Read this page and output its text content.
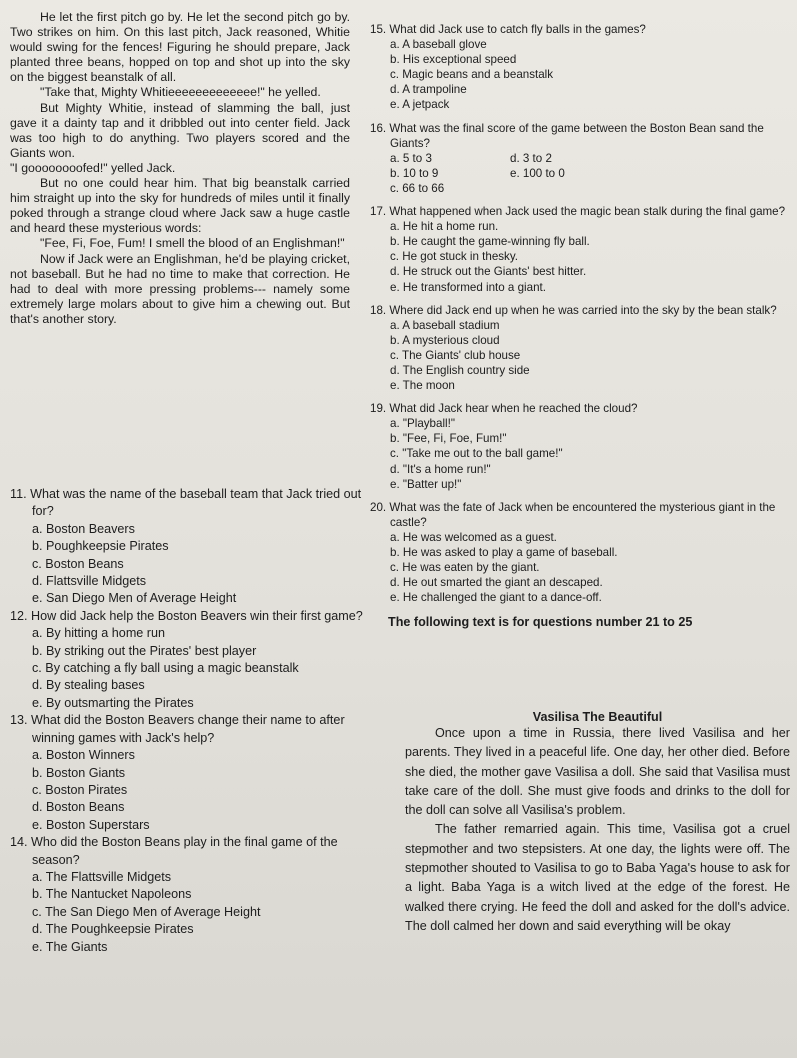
He let the first pitch go by. He let the second pitch go by. Two strikes on him. On this last pitch, Jack reasoned, Whitie would swing for the fences! Figuring he should prepare, Jack planted three beans, hopped on top and shot up into the sky on the biggest beanstalk of all.

"Take that, Mighty Whitieeeeeeeeeeeee!" he yelled.

But Mighty Whitie, instead of slamming the ball, just gave it a dainty tap and it dribbled out into center field. Jack was too high to do anything. Two players scored and the Giants won.

"I goooooooofed!" yelled Jack.

But no one could hear him. That big beanstalk carried him straight up into the sky for hundreds of miles until it finally poked through a strange cloud where Jack saw a huge castle and heard these mysterious words:

"Fee, Fi, Foe, Fum! I smell the blood of an Englishman!"

Now if Jack were an Englishman, he'd be playing cricket, not baseball. But he had no time to make that correction. He had to deal with more pressing problems--- namely some extremely large molars about to give him a chewing out. But that's another story.

11. What was the name of the baseball team that Jack tried out for?
a. Boston Beavers
b. Poughkeepsie Pirates
c. Boston Beans
d. Flattsville Midgets
e. San Diego Men of Average Height
12. How did Jack help the Boston Beavers win their first game?
a. By hitting a home run
b. By striking out the Pirates' best player
c. By catching a fly ball using a magic beanstalk
d. By stealing bases
e. By outsmarting the Pirates
13. What did the Boston Beavers change their name to after winning games with Jack's help?
a. Boston Winners
b. Boston Giants
c. Boston Pirates
d. Boston Beans
e. Boston Superstars
14. Who did the Boston Beans play in the final game of the season?
a. The Flattsville Midgets
b. The Nantucket Napoleons
c. The San Diego Men of Average Height
d. The Poughkeepsie Pirates
e. The Giants
15. What did Jack use to catch fly balls in the games?
a. A baseball glove
b. His exceptional speed
c. Magic beans and a beanstalk
d. A trampoline
e. A jetpack
16. What was the final score of the game between the Boston Bean sand the Giants?
a. 5 to 3	d. 3 to 2
b. 10 to 9	e. 100 to 0
c. 66 to 66
17. What happened when Jack used the magic bean stalk during the final game?
a. He hit a home run.
b. He caught the game-winning fly ball.
c. He got stuck in thesky.
d. He struck out the Giants' best hitter.
e. He transformed into a giant.
18. Where did Jack end up when he was carried into the sky by the bean stalk?
a. A baseball stadium
b. A mysterious cloud
c. The Giants' club house
d. The English country side
e. The moon
19. What did Jack hear when he reached the cloud?
a. "Playball!"
b. "Fee, Fi, Foe, Fum!"
c. "Take me out to the ball game!"
d. "It's a home run!"
e. "Batter up!"
20. What was the fate of Jack when be encountered the mysterious giant in the castle?
a. He was welcomed as a guest.
b. He was asked to play a game of baseball.
c. He was eaten by the giant.
d. He out smarted the giant an descaped.
e. He challenged the giant to a dance-off.

The following text is for questions number 21 to 25

Vasilisa The Beautiful

Once upon a time in Russia, there lived Vasilisa and her parents. They lived in a peaceful life. One day, her other died. Before she died, the mother gave Vasilisa a doll. She said that Vasilisa must take care of the doll. She must give foods and drinks to the doll for the doll can solve all Vasilisa's problem.

The father remarried again. This time, Vasilisa got a cruel stepmother and two stepsisters. At one day, the lights were off. The stepmother shouted to Vasilisa to go to Baba Yaga's house to ask for a light. Baba Yaga is a witch lived at the edge of the forest. He walked there crying. He feed the doll and asked for the doll's advice. The doll calmed her down and said everything will be okay
